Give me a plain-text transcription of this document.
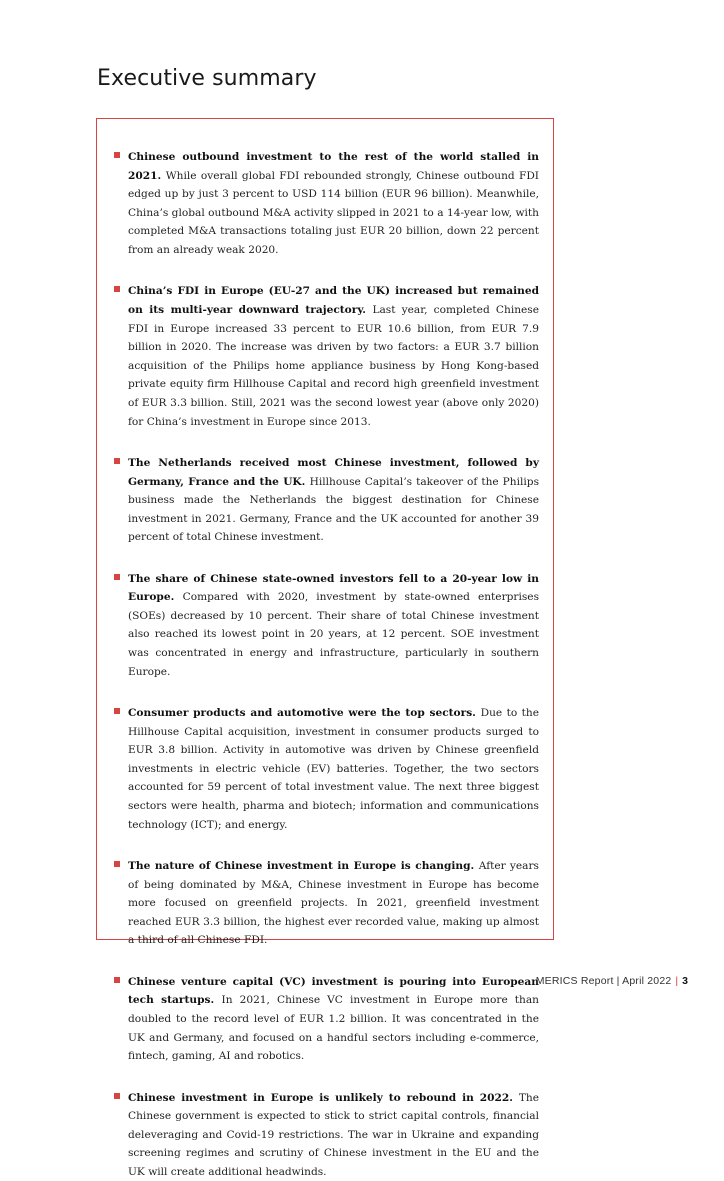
Executive summary
Chinese outbound investment to the rest of the world stalled in 2021. While overall global FDI rebounded strongly, Chinese outbound FDI edged up by just 3 percent to USD 114 billion (EUR 96 billion). Meanwhile, China’s global outbound M&A activity slipped in 2021 to a 14-year low, with completed M&A transactions totaling just EUR 20 billion, down 22 percent from an already weak 2020.
China’s FDI in Europe (EU-27 and the UK) increased but remained on its multi-year downward trajectory. Last year, completed Chinese FDI in Europe increased 33 percent to EUR 10.6 billion, from EUR 7.9 billion in 2020. The increase was driven by two factors: a EUR 3.7 billion acquisition of the Philips home appliance business by Hong Kong-based private equity firm Hillhouse Capital and record high greenfield investment of EUR 3.3 billion. Still, 2021 was the second lowest year (above only 2020) for China’s investment in Europe since 2013.
The Netherlands received most Chinese investment, followed by Germany, France and the UK. Hillhouse Capital’s takeover of the Philips business made the Netherlands the biggest destination for Chinese investment in 2021. Germany, France and the UK accounted for another 39 percent of total Chinese investment.
The share of Chinese state-owned investors fell to a 20-year low in Europe. Compared with 2020, investment by state-owned enterprises (SOEs) decreased by 10 percent. Their share of total Chinese investment also reached its lowest point in 20 years, at 12 percent. SOE investment was concentrated in energy and infrastructure, particularly in southern Europe.
Consumer products and automotive were the top sectors. Due to the Hillhouse Capital acquisition, investment in consumer products surged to EUR 3.8 billion. Activity in automotive was driven by Chinese greenfield investments in electric vehicle (EV) batteries. Together, the two sectors accounted for 59 percent of total investment value. The next three biggest sectors were health, pharma and biotech; information and communications technology (ICT); and energy.
The nature of Chinese investment in Europe is changing. After years of being dominated by M&A, Chinese investment in Europe has become more focused on greenfield projects. In 2021, greenfield investment reached EUR 3.3 billion, the highest ever recorded value, making up almost a third of all Chinese FDI.
Chinese venture capital (VC) investment is pouring into European tech startups. In 2021, Chinese VC investment in Europe more than doubled to the record level of EUR 1.2 billion. It was concentrated in the UK and Germany, and focused on a handful sectors including e-commerce, fintech, gaming, AI and robotics.
Chinese investment in Europe is unlikely to rebound in 2022. The Chinese government is expected to stick to strict capital controls, financial deleveraging and Covid-19 restrictions. The war in Ukraine and expanding screening regimes and scrutiny of Chinese investment in the EU and the UK will create additional headwinds.
MERICS Report | April 2022 | 3
